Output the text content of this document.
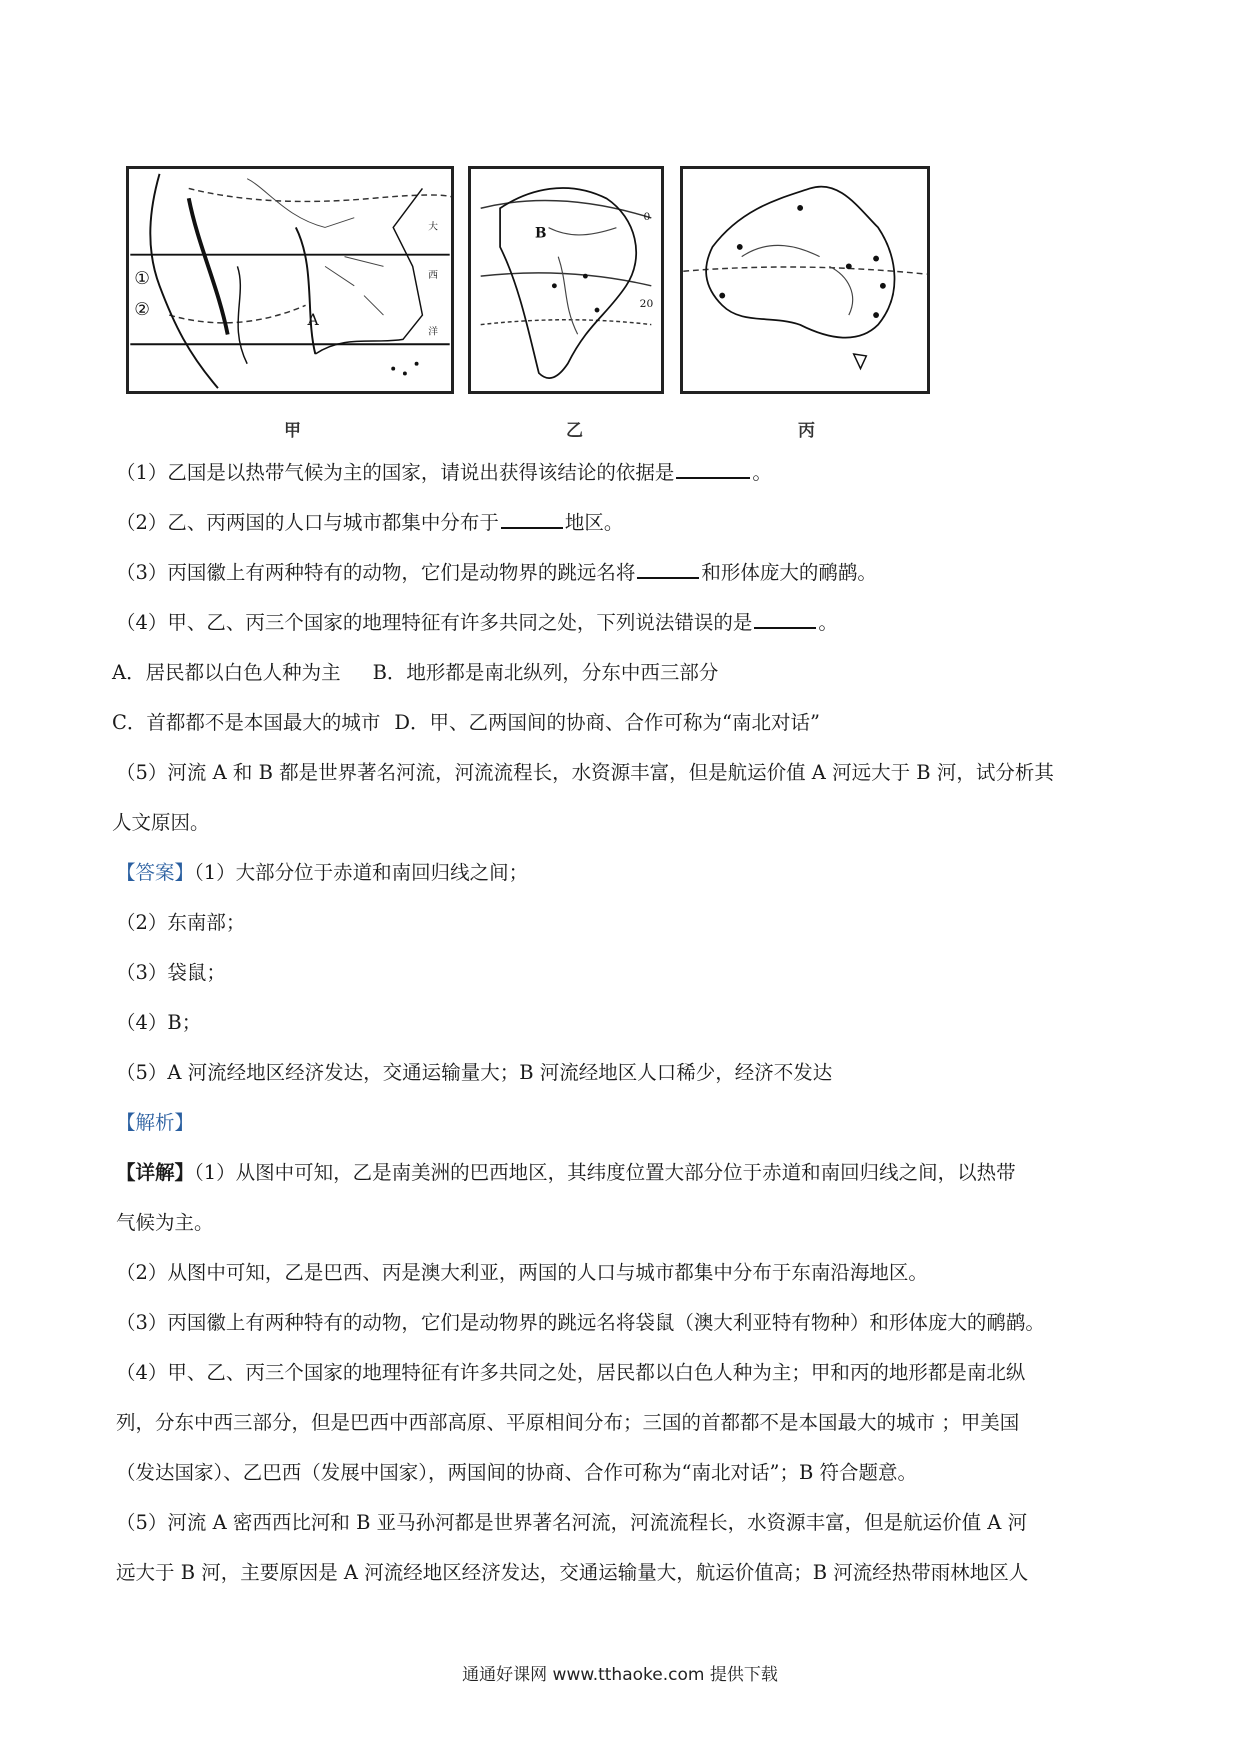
①
②	A
大
西
洋
B
0
20
甲	乙	丙
（1）乙国是以热带气候为主的国家，请说出获得该结论的依据是	。
（2）乙、丙两国的人口与城市都集中分布于	地区。
（3）丙国徽上有两种特有的动物，它们是动物界的跳远名将	和形体庞大的鸸鹋。
（4）甲、乙、丙三个国家的地理特征有许多共同之处，下列说法错误的是	。
A．居民都以白色人种为主 B．地形都是南北纵列，分东中西三部分
C．首都都不是本国最大的城市 D．甲、乙两国间的协商、合作可称为“南北对话”
（5）河流 A 和 B 都是世界著名河流，河流流程长，水资源丰富，但是航运价值 A 河远大于 B 河，试分析其
人文原因。
【答案】（1）大部分位于赤道和南回归线之间；
（2）东南部；
（3）袋鼠；
（4）B；
（5）A 河流经地区经济发达，交通运输量大；B 河流经地区人口稀少，经济不发达
【解析】
【详解】（1）从图中可知，乙是南美洲的巴西地区，其纬度位置大部分位于赤道和南回归线之间，以热带
气候为主。
（2）从图中可知，乙是巴西、丙是澳大利亚，两国的人口与城市都集中分布于东南沿海地区。
（3）丙国徽上有两种特有的动物，它们是动物界的跳远名将袋鼠（澳大利亚特有物种）和形体庞大的鸸鹋。
（4）甲、乙、丙三个国家的地理特征有许多共同之处，居民都以白色人种为主；甲和丙的地形都是南北纵
列，分东中西三部分，但是巴西中西部高原、平原相间分布；三国的首都都不是本国最大的城市 ；甲美国
（发达国家）、乙巴西（发展中国家），两国间的协商、合作可称为“南北对话”；B 符合题意。
（5）河流 A 密西西比河和 B 亚马孙河都是世界著名河流，河流流程长，水资源丰富，但是航运价值 A 河
远大于 B 河，主要原因是 A 河流经地区经济发达，交通运输量大，航运价值高；B 河流经热带雨林地区人
通通好课网 www.tthaoke.com 提供下载
